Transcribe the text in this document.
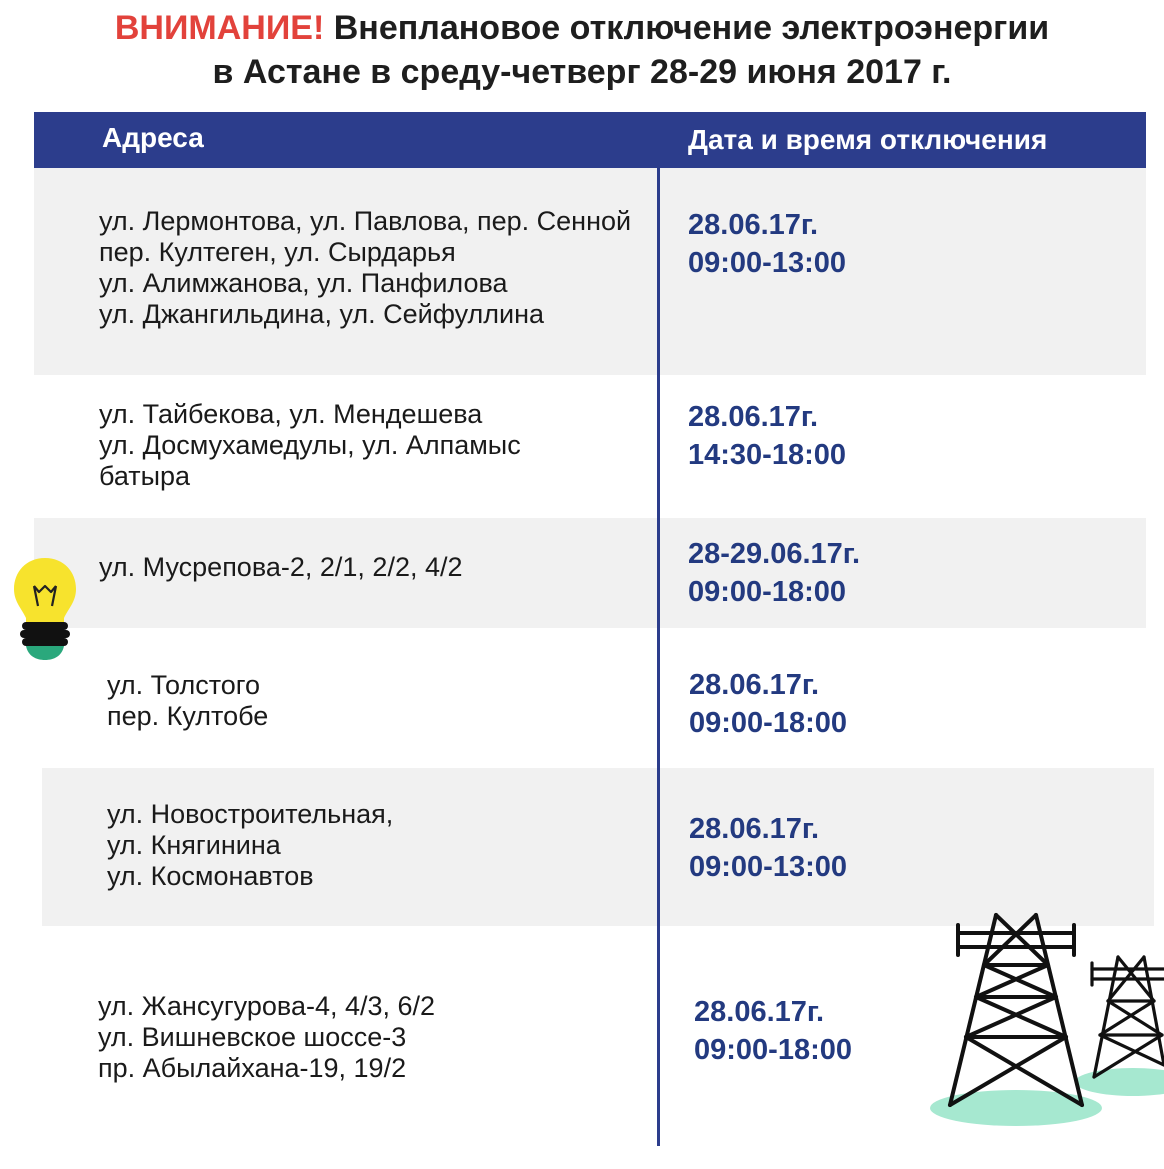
ВНИМАНИЕ! Внеплановое отключение электроэнергии
в Астане в среду-четверг 28-29 июня 2017 г.
Адреса	Дата и время отключения
ул. Лермонтова, ул. Павлова, пер. Сенной
пер. Култеген, ул. Сырдарья
ул. Алимжанова, ул. Панфилова
ул. Джангильдина, ул. Сейфуллина
28.06.17г.
09:00-13:00
ул. Тайбекова, ул. Мендешева
ул. Досмухамедулы, ул. Алпамыс
батыра
28.06.17г.
14:30-18:00
ул. Мусрепова-2, 2/1, 2/2, 4/2	28-29.06.17г.
09:00-18:00
ул. Толстого
пер. Култобе
28.06.17г.
09:00-18:00
ул. Новостроительная,
ул. Княгинина
ул. Космонавтов
28.06.17г.
09:00-13:00
ул. Жансугурова-4, 4/3, 6/2
ул. Вишневское шоссе-3
пр. Абылайхана-19, 19/2
28.06.17г.
09:00-18:00
